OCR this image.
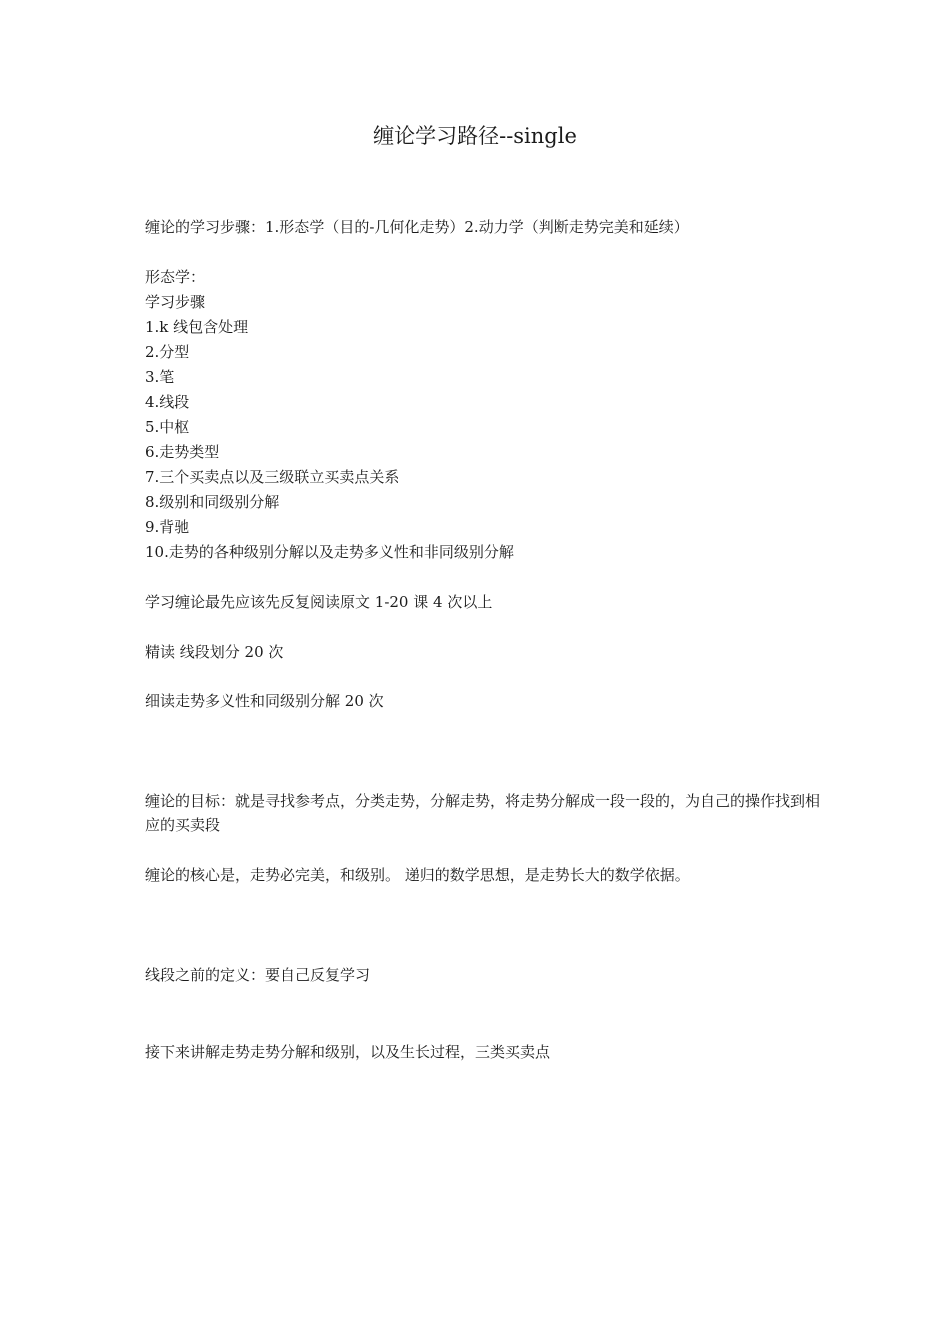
缠论学习路径--single
缠论的学习步骤：1.形态学（目的-几何化走势）2.动力学（判断走势完美和延续）
形态学：
学习步骤
1.k 线包含处理
2.分型
3.笔
4.线段
5.中枢
6.走势类型
7.三个买卖点以及三级联立买卖点关系
8.级别和同级别分解
9.背驰
10.走势的各种级别分解以及走势多义性和非同级别分解
学习缠论最先应该先反复阅读原文 1-20 课 4 次以上
精读 线段划分 20 次
细读走势多义性和同级别分解 20 次
缠论的目标：就是寻找参考点，分类走势，分解走势，将走势分解成一段一段的，为自己的操作找到相应的买卖段
缠论的核心是，走势必完美，和级别。 递归的数学思想，是走势长大的数学依据。
线段之前的定义：要自己反复学习
接下来讲解走势走势分解和级别，以及生长过程，三类买卖点
